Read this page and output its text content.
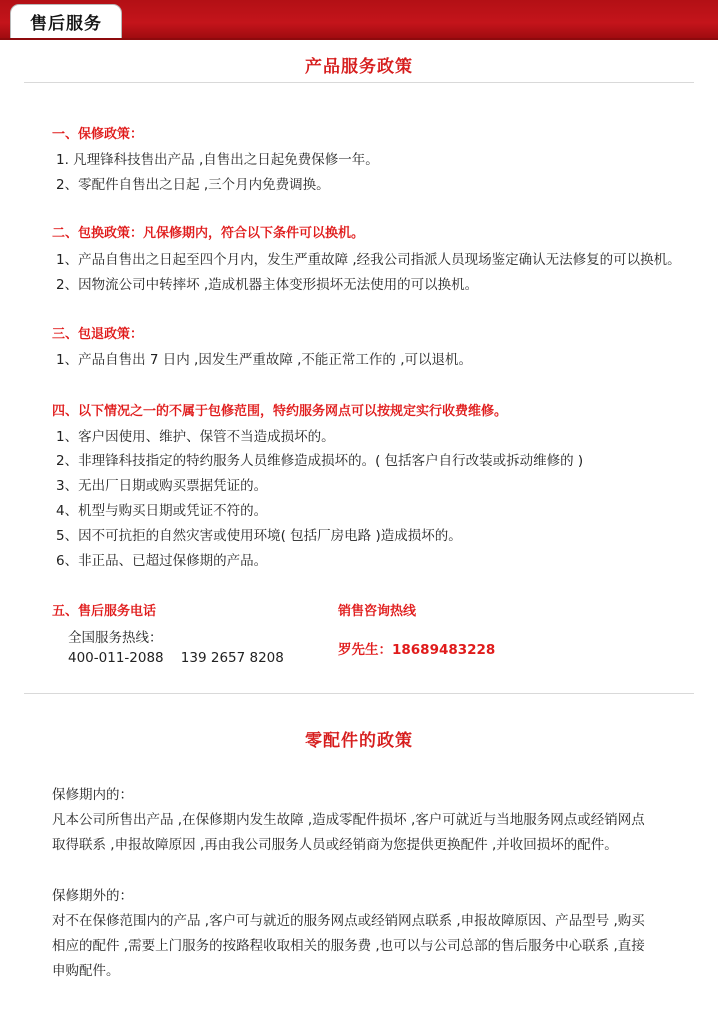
售后服务
产品服务政策
一、保修政策：
1. 凡理锋科技售出产品 ,自售出之日起免费保修一年。
2、零配件自售出之日起 ,三个月内免费调换。
二、包换政策：凡保修期内，符合以下条件可以换机。
1、产品自售出之日起至四个月内，发生严重故障 ,经我公司指派人员现场鉴定确认无法修复的可以换机。
2、因物流公司中转摔坏 ,造成机器主体变形损坏无法使用的可以换机。
三、包退政策：
1、产品自售出 7 日内 ,因发生严重故障 ,不能正常工作的 ,可以退机。
四、以下情况之一的不属于包修范围，特约服务网点可以按规定实行收费维修。
1、客户因使用、维护、保管不当造成损坏的。
2、非理锋科技指定的特约服务人员维修造成损坏的。( 包括客户自行改装或拆动维修的 )
3、无出厂日期或购买票据凭证的。
4、机型与购买日期或凭证不符的。
5、因不可抗拒的自然灾害或使用环境( 包括厂房电路 )造成损坏的。
6、非正品、已超过保修期的产品。
五、售后服务电话
全国服务热线：
400-011-2088    139 2657 8208
销售咨询热线
罗先生：18689483228
零配件的政策
保修期内的：
凡本公司所售出产品 ,在保修期内发生故障 ,造成零配件损坏 ,客户可就近与当地服务网点或经销网点
取得联系 ,申报故障原因 ,再由我公司服务人员或经销商为您提供更换配件 ,并收回损坏的配件。
保修期外的：
对不在保修范围内的产品 ,客户可与就近的服务网点或经销网点联系 ,申报故障原因、产品型号 ,购买
相应的配件 ,需要上门服务的按路程收取相关的服务费 ,也可以与公司总部的售后服务中心联系 ,直接
申购配件。
